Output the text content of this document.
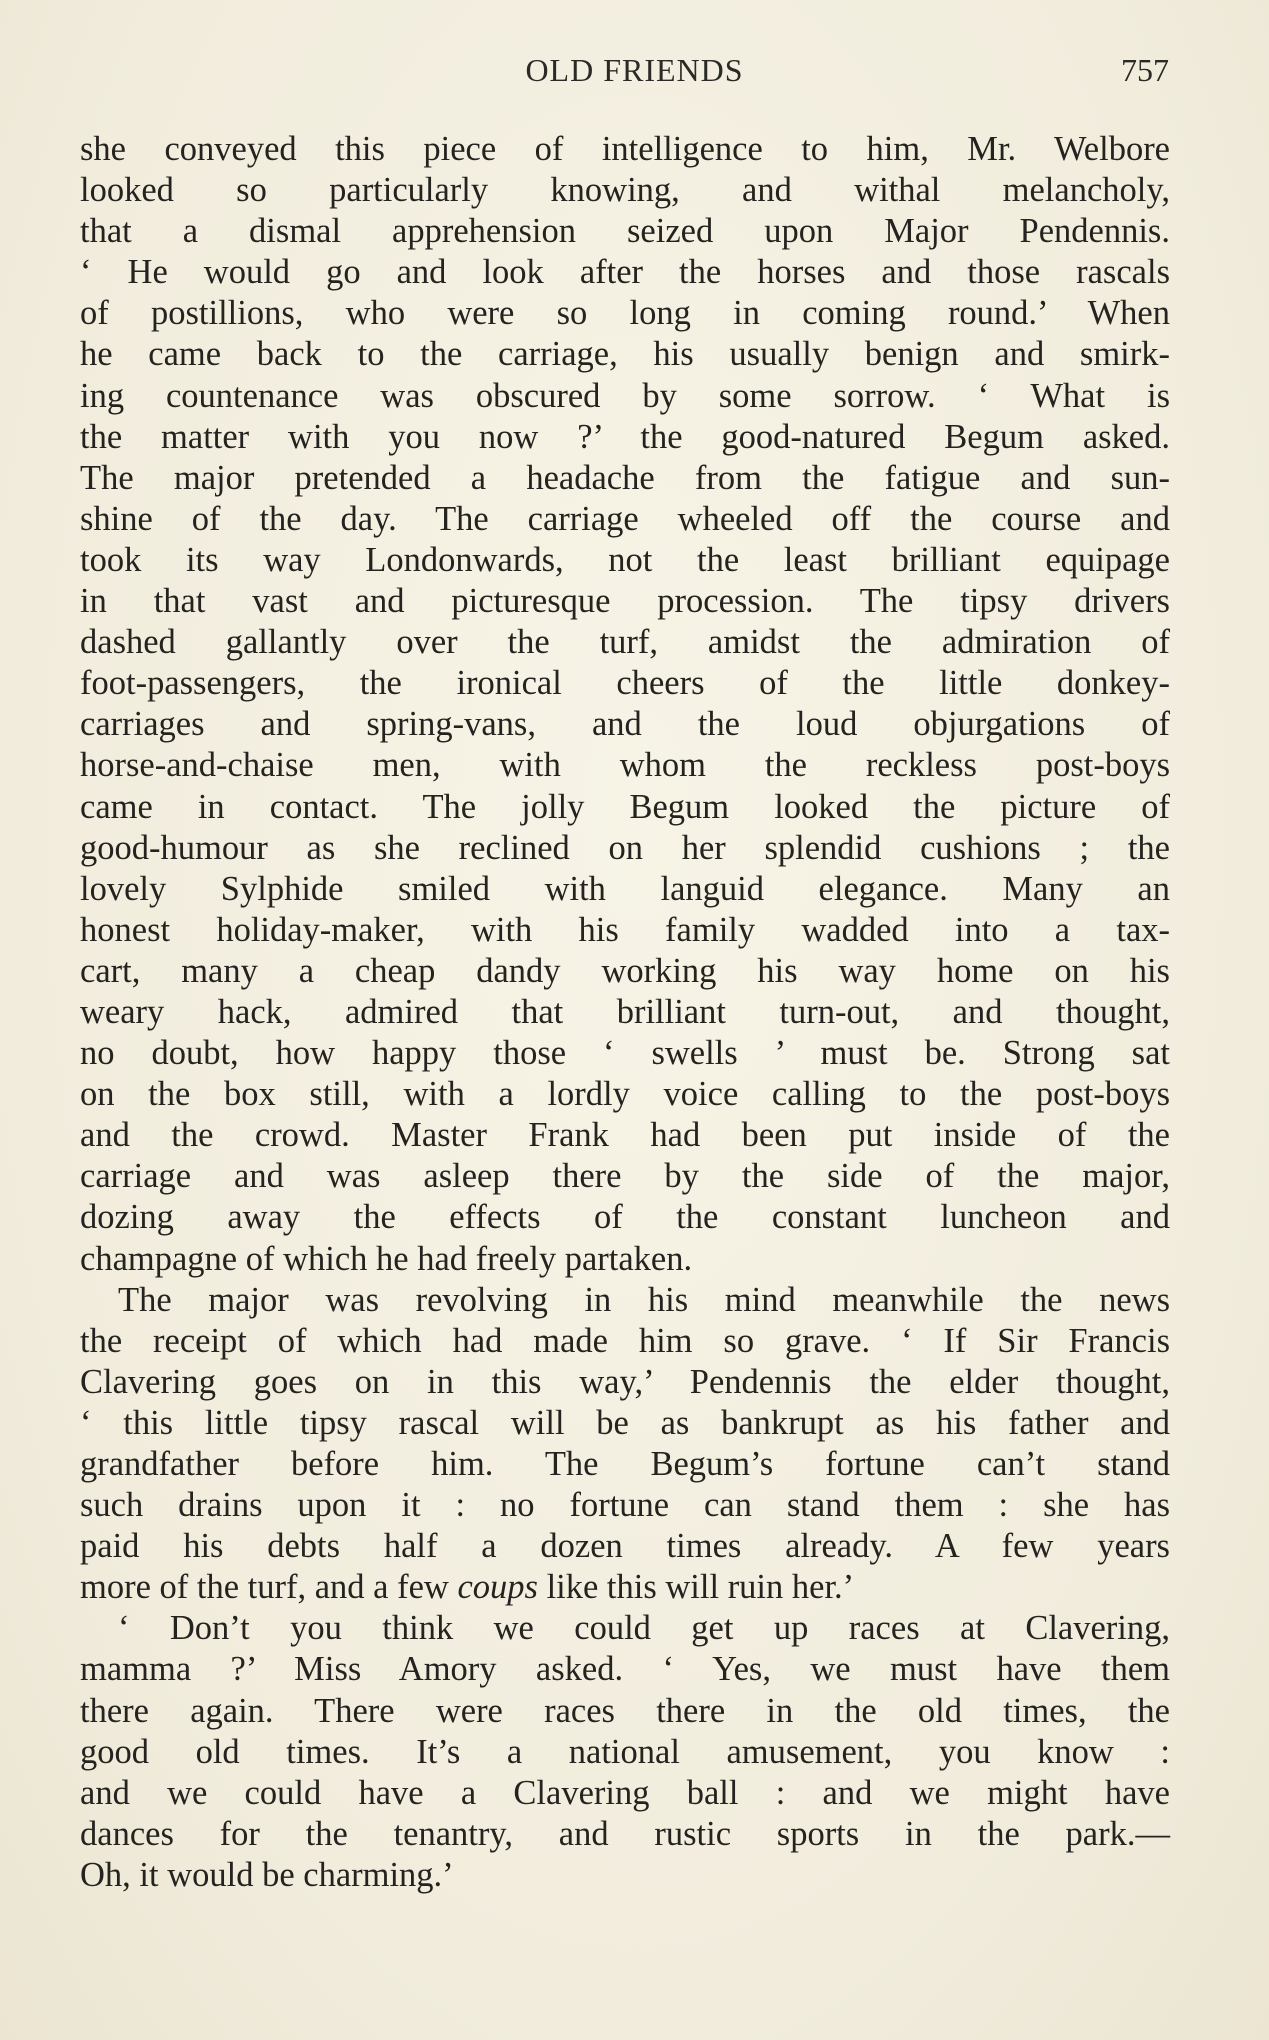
OLD FRIENDS	757
she conveyed this piece of intelligence to him, Mr. Welbore
looked so particularly knowing, and withal melancholy,
that a dismal apprehension seized upon Major Pendennis.
‘ He would go and look after the horses and those rascals
of postillions, who were so long in coming round.’ When
he came back to the carriage, his usually benign and smirk-
ing countenance was obscured by some sorrow. ‘ What is
the matter with you now ?’ the good-natured Begum asked.
The major pretended a headache from the fatigue and sun-
shine of the day. The carriage wheeled off the course and
took its way Londonwards, not the least brilliant equipage
in that vast and picturesque procession. The tipsy drivers
dashed gallantly over the turf, amidst the admiration of
foot-passengers, the ironical cheers of the little donkey-
carriages and spring-vans, and the loud objurgations of
horse-and-chaise men, with whom the reckless post-boys
came in contact. The jolly Begum looked the picture of
good-humour as she reclined on her splendid cushions ; the
lovely Sylphide smiled with languid elegance. Many an
honest holiday-maker, with his family wadded into a tax-
cart, many a cheap dandy working his way home on his
weary hack, admired that brilliant turn-out, and thought,
no doubt, how happy those ‘ swells ’ must be. Strong sat
on the box still, with a lordly voice calling to the post-boys
and the crowd. Master Frank had been put inside of the
carriage and was asleep there by the side of the major,
dozing away the effects of the constant luncheon and
champagne of which he had freely partaken.
The major was revolving in his mind meanwhile the news
the receipt of which had made him so grave. ‘ If Sir Francis
Clavering goes on in this way,’ Pendennis the elder thought,
‘ this little tipsy rascal will be as bankrupt as his father and
grandfather before him. The Begum’s fortune can’t stand
such drains upon it : no fortune can stand them : she has
paid his debts half a dozen times already. A few years
more of the turf, and a few coups like this will ruin her.’
‘ Don’t you think we could get up races at Clavering,
mamma ?’ Miss Amory asked. ‘ Yes, we must have them
there again. There were races there in the old times, the
good old times. It’s a national amusement, you know :
and we could have a Clavering ball : and we might have
dances for the tenantry, and rustic sports in the park.—
Oh, it would be charming.’
